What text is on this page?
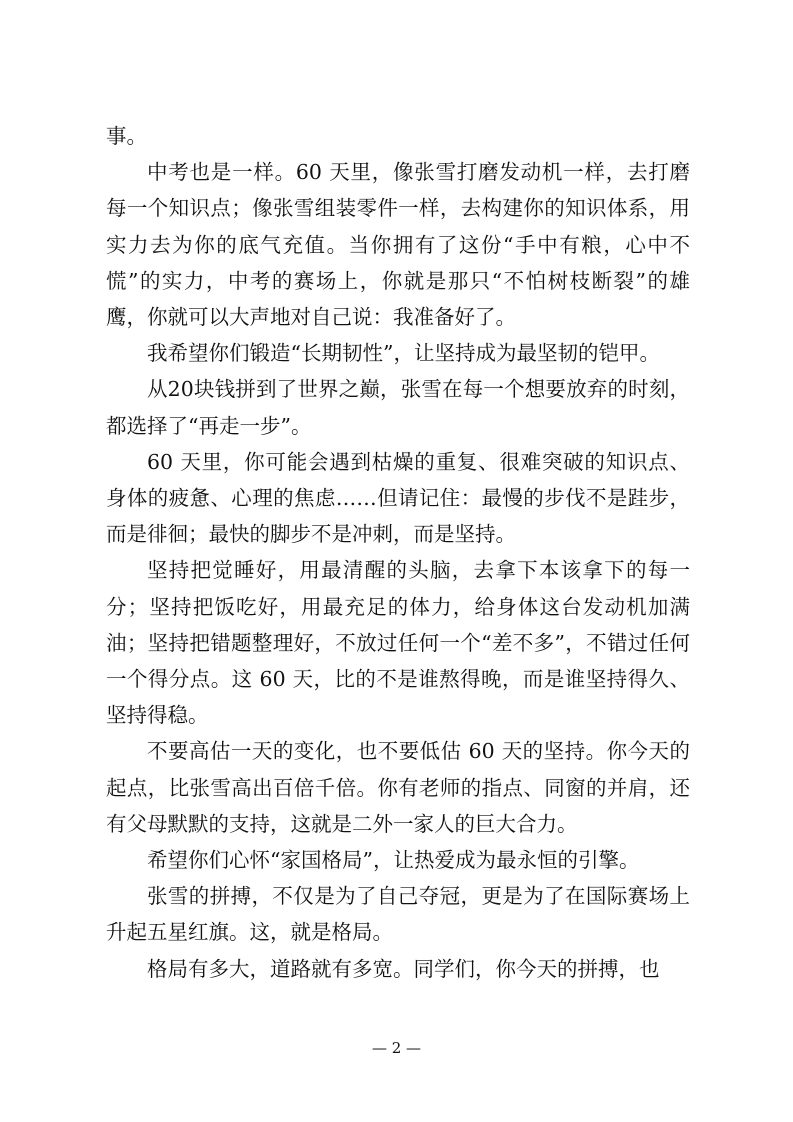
事。

中考也是一样。60 天里，像张雪打磨发动机一样，去打磨每一个知识点；像张雪组装零件一样，去构建你的知识体系，用实力去为你的底气充值。当你拥有了这份“手中有粮，心中不慌”的实力，中考的赛场上，你就是那只“不怕树枝断裂”的雄鹰，你就可以大声地对自己说：我准备好了。

我希望你们锻造“长期韧性”，让坚持成为最坚韧的铠甲。

从20块钱拼到了世界之巅，张雪在每一个想要放弃的时刻，都选择了“再走一步”。

60 天里，你可能会遇到枯燥的重复、很难突破的知识点、身体的疲惫、心理的焦虑……但请记住：最慢的步伐不是跬步，而是徘徊；最快的脚步不是冲刺，而是坚持。

坚持把觉睡好，用最清醒的头脑，去拿下本该拿下的每一分；坚持把饭吃好，用最充足的体力，给身体这台发动机加满油；坚持把错题整理好，不放过任何一个“差不多”，不错过任何一个得分点。这 60 天，比的不是谁熬得晚，而是谁坚持得久、坚持得稳。

不要高估一天的变化，也不要低估 60 天的坚持。你今天的起点，比张雪高出百倍千倍。你有老师的指点、同窗的并肩，还有父母默默的支持，这就是二外一家人的巨大合力。

希望你们心怀“家国格局”，让热爱成为最永恒的引擎。

张雪的拼搏，不仅是为了自己夺冠，更是为了在国际赛场上升起五星红旗。这，就是格局。

格局有多大，道路就有多宽。同学们，你今天的拼搏，也

— 2 —
